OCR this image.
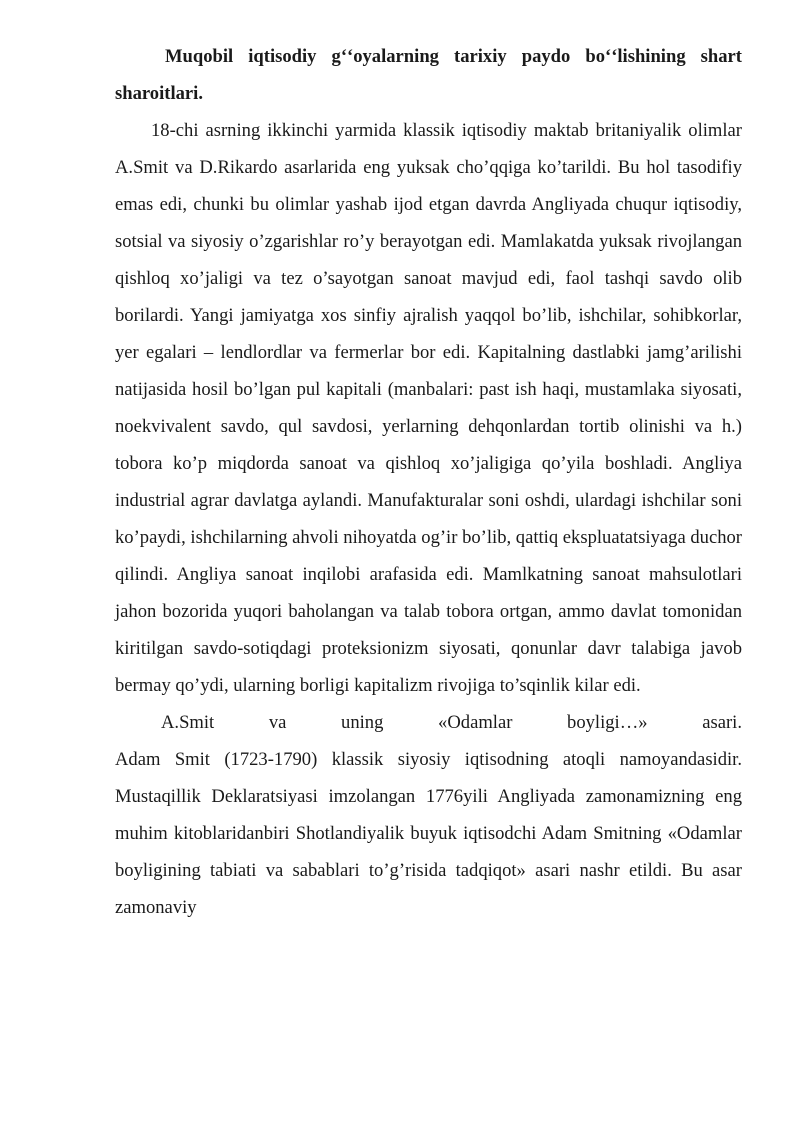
Muqobil iqtisodiy gʻʻoyalarning tarixiy paydo boʻʻlishining shart sharoitlari.

18-chi asrning ikkinchi yarmida klassik iqtisodiy maktab britaniyalik olimlar A.Smit va D.Rikardo asarlarida eng yuksak cho’qqiga ko’tarildi. Bu hol tasodifiy emas edi, chunki bu olimlar yashab ijod etgan davrda Angliyada chuqur iqtisodiy, sotsial va siyosiy o’zgarishlar ro’y berayotgan edi. Mamlakatda yuksak rivojlangan qishloq xo’jaligi va tez o’sayotgan sanoat mavjud edi, faol tashqi savdo olib borilardi. Yangi jamiyatga xos sinfiy ajralish yaqqol bo’lib, ishchilar, sohibkorlar, yer egalari – lendlordlar va fermerlar bor edi. Kapitalning dastlabki jamg’arilishi natijasida hosil bo’lgan pul kapitali (manbalari: past ish haqi, mustamlaka siyosati, noekvivalent savdo, qul savdosi, yerlarning dehqonlardan tortib olinishi va h.) tobora ko’p miqdorda sanoat va qishloq xo’jaligiga qo’yila boshladi. Angliya industrial agrar davlatga aylandi. Manufakturalar soni oshdi, ulardagi ishchilar soni ko’paydi, ishchilarning ahvoli nihoyatda og’ir bo’lib, qattiq ekspluatatsiyaga duchor qilindi. Angliya sanoat inqilobi arafasida edi. Mamlkatning sanoat mahsulotlari jahon bozorida yuqori baholangan va talab tobora ortgan, ammo davlat tomonidan kiritilgan savdo-sotiqdagi proteksionizm siyosati, qonunlar davr talabiga javob bermay qo’ydi, ularning borligi kapitalizm rivojiga to’sqinlik kilar edi.

A.Smit va uning «Odamlar boyligi…» asari.
Adam Smit (1723-1790) klassik siyosiy iqtisodning atoqli namoyandasidir. Mustaqillik Deklaratsiyasi imzolangan 1776yili Angliyada zamonamizning eng muhim kitoblaridanbiri Shotlandiyalik buyuk iqtisodchi Adam Smitning «Odamlar boyligining tabiati va sabablari to’g’risida tadqiqot» asari nashr etildi. Bu asar zamonaviy
